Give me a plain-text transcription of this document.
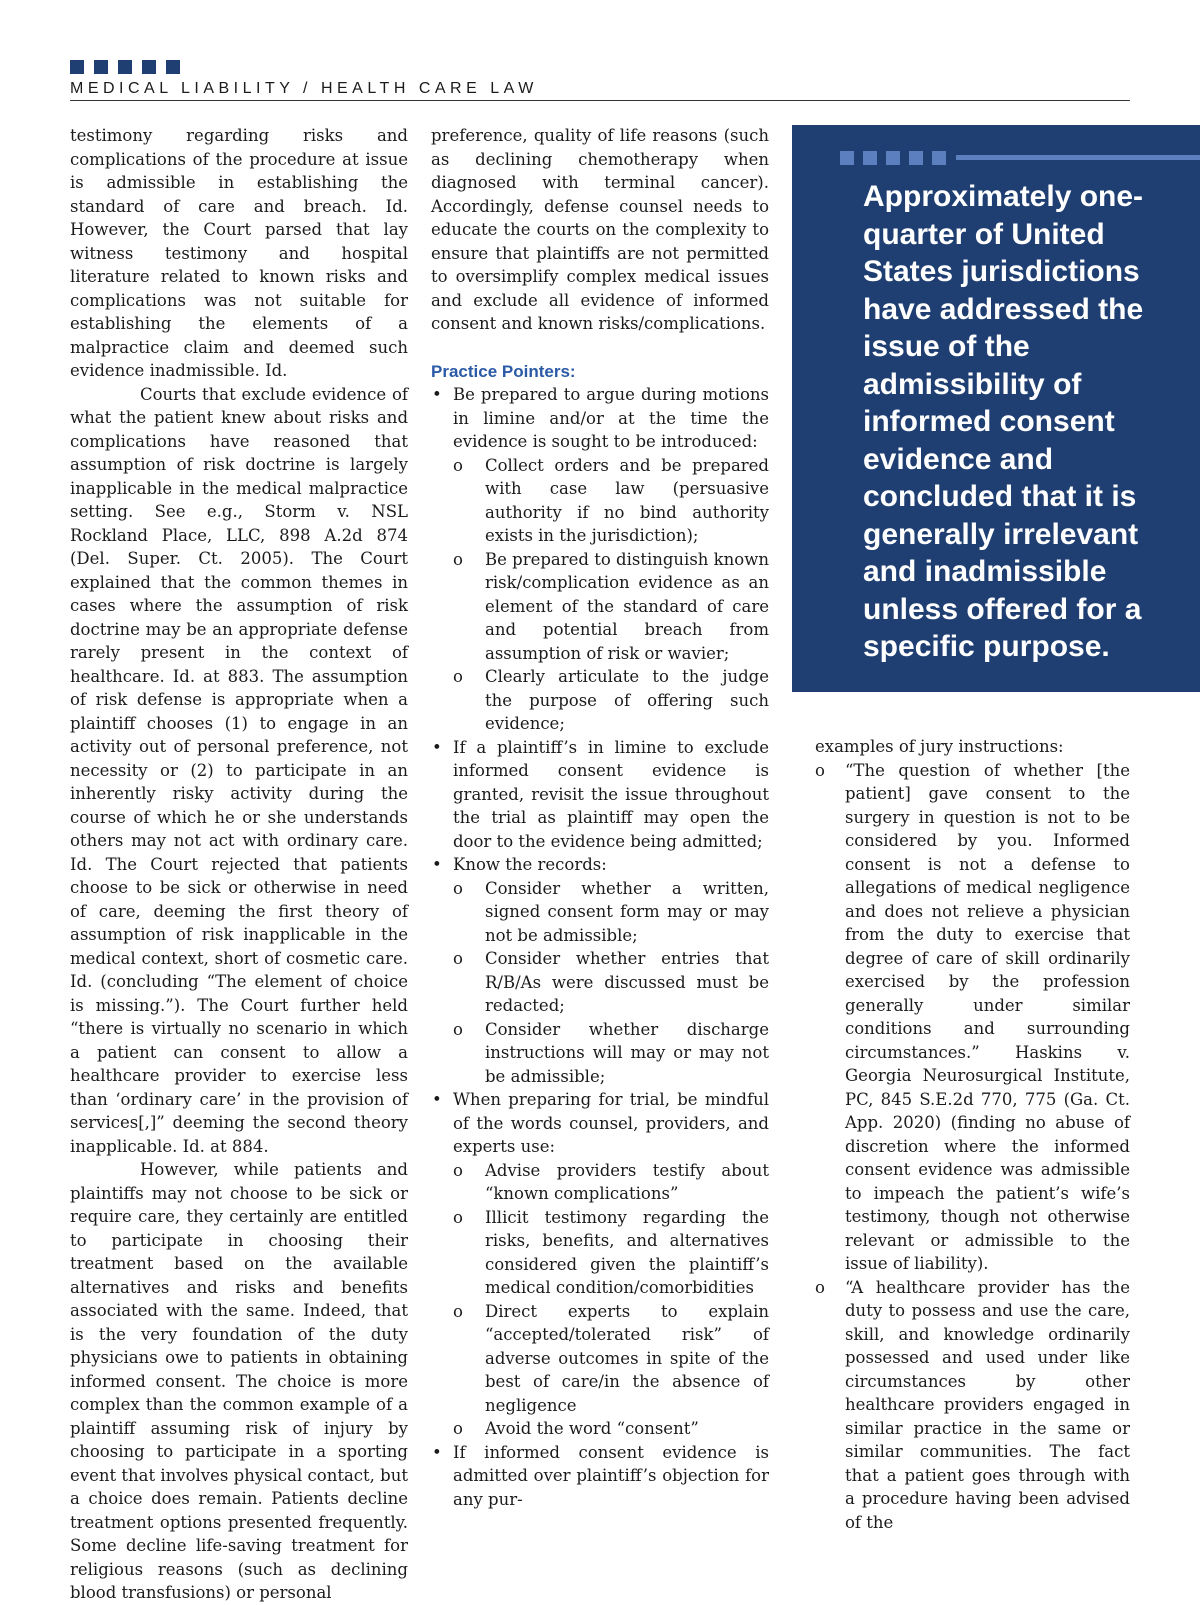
MEDICAL LIABILITY / HEALTH CARE LAW

testimony regarding risks and complications of the procedure at issue is admissible in establishing the standard of care and breach. Id. However, the Court parsed that lay witness testimony and hospital literature related to known risks and complications was not suitable for establishing the elements of a malpractice claim and deemed such evidence inadmissible. Id.

Courts that exclude evidence of what the patient knew about risks and complications have reasoned that assumption of risk doctrine is largely inapplicable in the medical malpractice setting. See e.g., Storm v. NSL Rockland Place, LLC, 898 A.2d 874 (Del. Super. Ct. 2005). The Court explained that the common themes in cases where the assumption of risk doctrine may be an appropriate defense rarely present in the context of healthcare. Id. at 883. The assumption of risk defense is appropriate when a plaintiff chooses (1) to engage in an activity out of personal preference, not necessity or (2) to participate in an inherently risky activity during the course of which he or she understands others may not act with ordinary care. Id. The Court rejected that patients choose to be sick or otherwise in need of care, deeming the first theory of assumption of risk inapplicable in the medical context, short of cosmetic care. Id. (concluding “The element of choice is missing.”). The Court further held “there is virtually no scenario in which a patient can consent to allow a healthcare provider to exercise less than ‘ordinary care’ in the provision of services[,]” deeming the second theory inapplicable. Id. at 884.

However, while patients and plaintiffs may not choose to be sick or require care, they certainly are entitled to participate in choosing their treatment based on the available alternatives and risks and benefits associated with the same. Indeed, that is the very foundation of the duty physicians owe to patients in obtaining informed consent. The choice is more complex than the common example of a plaintiff assuming risk of injury by choosing to participate in a sporting event that involves physical contact, but a choice does remain. Patients decline treatment options presented frequently. Some decline life-saving treatment for religious reasons (such as declining blood transfusions) or personal

preference, quality of life reasons (such as declining chemotherapy when diagnosed with terminal cancer). Accordingly, defense counsel needs to educate the courts on the complexity to ensure that plaintiffs are not permitted to oversimplify complex medical issues and exclude all evidence of informed consent and known risks/complications.

Practice Pointers:

• Be prepared to argue during motions in limine and/or at the time the evidence is sought to be introduced:
o Collect orders and be prepared with case law (persuasive authority if no bind authority exists in the jurisdiction);
o Be prepared to distinguish known risk/complication evidence as an element of the standard of care and potential breach from assumption of risk or wavier;
o Clearly articulate to the judge the purpose of offering such evidence;
• If a plaintiff’s in limine to exclude informed consent evidence is granted, revisit the issue throughout the trial as plaintiff may open the door to the evidence being admitted;
• Know the records:
o Consider whether a written, signed consent form may or may not be admissible;
o Consider whether entries that R/B/As were discussed must be redacted;
o Consider whether discharge instructions will may or may not be admissible;
• When preparing for trial, be mindful of the words counsel, providers, and experts use:
o Advise providers testify about “known complications”
o Illicit testimony regarding the risks, benefits, and alternatives considered given the plaintiff’s medical condition/comorbidities
o Direct experts to explain “accepted/tolerated risk” of adverse outcomes in spite of the best of care/in the absence of negligence
o Avoid the word “consent”
• If informed consent evidence is admitted over plaintiff’s objection for any pur-
Approximately one-quarter of United States jurisdictions have addressed the issue of the admissibility of informed consent evidence and concluded that it is generally irrelevant and inadmissible unless offered for a specific purpose.

examples of jury instructions:

o “The question of whether [the patient] gave consent to the surgery in question is not to be considered by you. Informed consent is not a defense to allegations of medical negligence and does not relieve a physician from the duty to exercise that degree of care of skill ordinarily exercised by the profession generally under similar conditions and surrounding circumstances.” Haskins v. Georgia Neurosurgical Institute, PC, 845 S.E.2d 770, 775 (Ga. Ct. App. 2020) (finding no abuse of discretion where the informed consent evidence was admissible to impeach the patient’s wife’s testimony, though not otherwise relevant or admissible to the issue of liability).
o “A healthcare provider has the duty to possess and use the care, skill, and knowledge ordinarily possessed and used under like circumstances by other healthcare providers engaged in similar practice in the same or similar communities. The fact that a patient goes through with a procedure having been advised of the
